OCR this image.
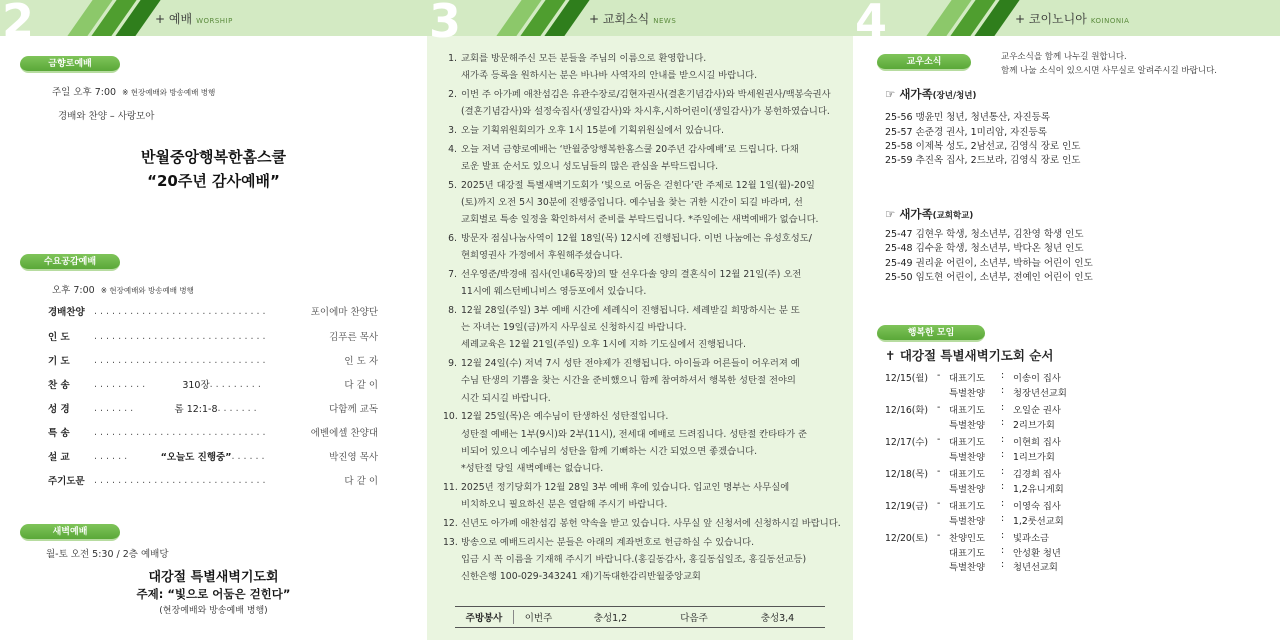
2	+ 예배 WORSHIP
금향로예배
주일 오후 7:00 ※ 현장예배와 방송예배 병행
경배와 찬양 – 사랑모아
반월중앙행복한홈스쿨
“20주년 감사예배”
수요공감예배
오후 7:00 ※ 현장예배와 방송예배 병행
경배찬양 .............................	포이에마 찬양단
인 도	.............................	김푸른 목사
기 도	.............................	인 도 자
찬 송	.........	310장 .........	다 같 이
성 경	.......	롬 12:1-8 .......	다함께 교독
특 송	.............................	에벤에셀 찬양대
설 교	......	“오늘도 진행중” ......	박진영 목사
주기도문 .............................	다 같 이
새벽예배
월-토 오전 5:30 / 2층 예배당
대강절 특별새벽기도회
주제: “빛으로 어둠은 걷힌다”
(현장예배와 방송예배 병행)
3	+ 교회소식 NEWS
1. 교회를 방문해주신 모든 분들을 주님의 이름으로 환영합니다.
새가족 등록을 원하시는 분은 바나바 사역자의 안내를 받으시길 바랍니다.
2. 이번 주 아가페 애찬섬김은 유관수장로/김현자권사(결혼기념감사)와 박세원권사/백봉숙권사
(결혼기념감사)와 설정숙집사(생일감사)와 차시후,시하어린이(생일감사)가 봉헌하였습니다.
3. 오늘 기획위원회의가 오후 1시 15분에 기획위원실에서 있습니다.
4. 오늘 저녁 금향로예배는 ‘반월중앙행복한홈스쿨 20주년 감사예배’로 드립니다. 다채
로운 발표 순서도 있으니 성도님들의 많은 관심을 부탁드립니다.
5. 2025년 대강절 특별새벽기도회가 ‘빛으로 어둠은 걷힌다’란 주제로 12월 1일(월)-20일
(토)까지 오전 5시 30분에 진행중입니다. 예수님을 찾는 귀한 시간이 되길 바라며, 선
교회별로 특송 일정을 확인하셔서 준비를 부탁드립니다. *주일에는 새벽예배가 없습니다.
6. 방문자 점심나눔사역이 12월 18일(목) 12시에 진행됩니다. 이번 나눔에는 유성호성도/
현희영권사 가정에서 후원해주셨습니다.
7. 선우영준/박경애 집사(인내6목장)의 딸 선우다솔 양의 결혼식이 12월 21일(주) 오전
11시에 웨스턴베니비스 영등포에서 있습니다.
8. 12월 28일(주일) 3부 예배 시간에 세례식이 진행됩니다. 세례받길 희망하시는 분 또
는 자녀는 19일(금)까지 사무실로 신청하시길 바랍니다.
세례교육은 12월 21일(주일) 오후 1시에 지하 기도실에서 진행됩니다.
9. 12월 24일(수) 저녁 7시 성탄 전야제가 진행됩니다. 아이들과 어른들이 어우러져 예
수님 탄생의 기쁨을 찾는 시간을 준비했으니 함께 참여하셔서 행복한 성탄절 전야의
시간 되시길 바랍니다.
10. 12월 25일(목)은 예수님이 탄생하신 성탄절입니다.
성탄절 예배는 1부(9시)와 2부(11시), 전세대 예배로 드려집니다. 성탄절 칸타타가 준
비되어 있으니 예수님의 성탄을 함께 기뻐하는 시간 되었으면 좋겠습니다.
*성탄절 당일 새벽예배는 없습니다.
11. 2025년 정기당회가 12월 28일 3부 예배 후에 있습니다. 입교인 명부는 사무실에
비치하오니 필요하신 분은 열람해 주시기 바랍니다.
12. 신년도 아가페 애찬섬김 봉헌 약속을 받고 있습니다. 사무실 앞 신청서에 신청하시길 바랍니다.
13. 방송으로 예배드리시는 분들은 아래의 계좌번호로 헌금하실 수 있습니다.
입금 시 꼭 이름을 기재해 주시기 바랍니다.(홍길동감사, 홍길동십일조, 홍길동선교등)
신한은행 100-029-343241 재)기독대한감리반월중앙교회
주방봉사	이번주	충성1,2	다음주	충성3,4
4	+ 코이노니아 KOINONIA
교우소식	교우소식을 함께 나누길 원합니다.
함께 나눌 소식이 있으시면 사무실로 알려주시길 바랍니다.
☞ 새가족(장년/청년)
25-56 맹윤민 청년, 청년통산, 자진등록
25-57 손준경 권사, 1미리암, 자진등록
25-58 이제복 성도, 2남선교, 김영식 장로 인도
25-59 추진옥 집사, 2드보라, 김영식 장로 인도
☞ 새가족(교회학교)
25-47 김현우 학생, 청소년부, 김찬영 학생 인도
25-48 김수윤 학생, 청소년부, 박다온 청년 인도
25-49 권리윤 어린이, 소년부, 박하늘 어린이 인도
25-50 임도현 어린이, 소년부, 전예인 어린이 인도
행복한 모임
✝ 대강절 특별새벽기도회 순서
12/15(월) - 대표기도	: 이송이 집사
특별찬양	: 청장년선교회
12/16(화) - 대표기도	: 오일순 권사
특별찬양	: 2리브가회
12/17(수) - 대표기도	: 이현희 집사
특별찬양	: 1리브가회
12/18(목) - 대표기도	: 김경희 집사
특별찬양	: 1,2유니게회
12/19(금) - 대표기도	: 이영숙 집사
특별찬양	: 1,2룻선교회
12/20(토) - 찬양인도	: 빛과소금
대표기도	: 안성환 청년
특별찬양	: 청년선교회
